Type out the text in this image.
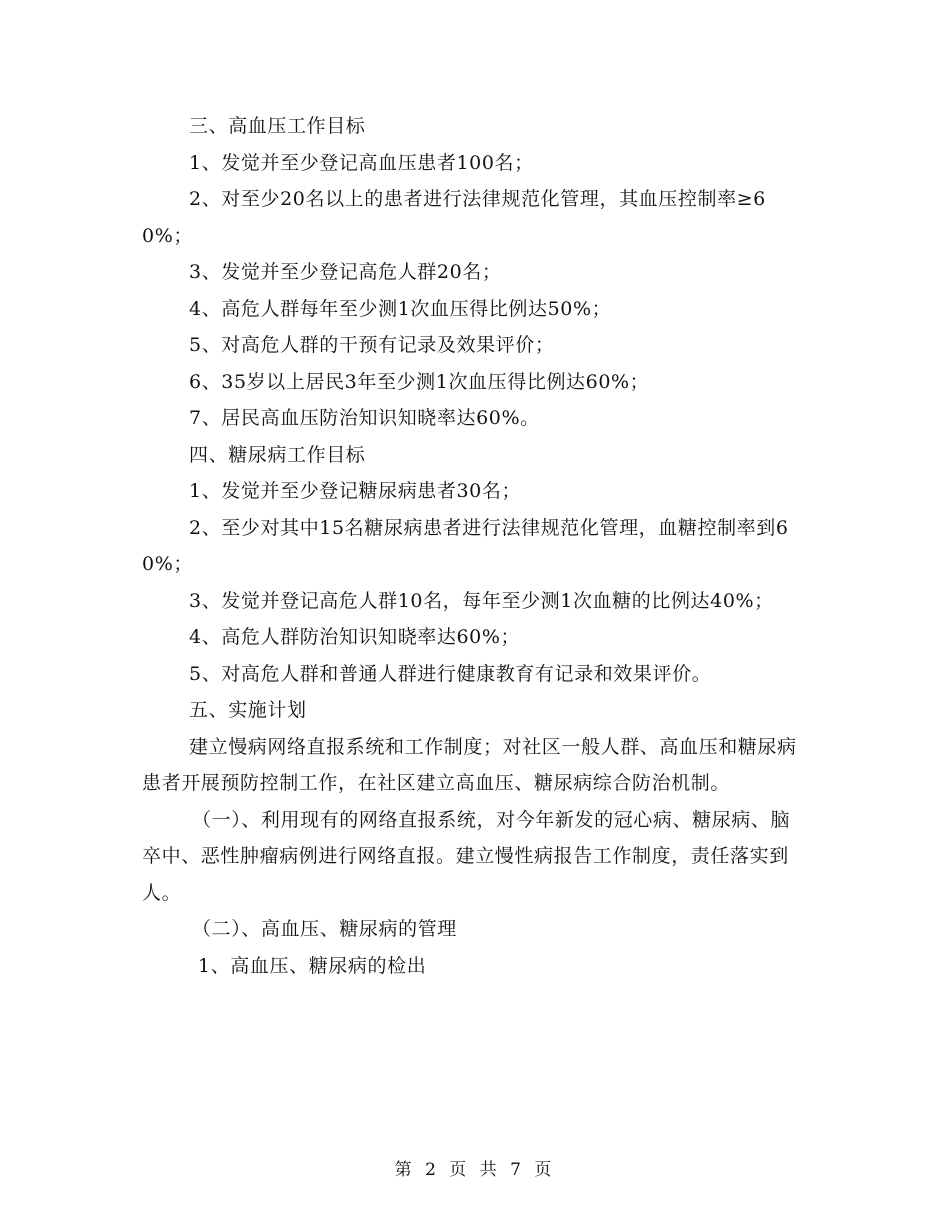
三、高血压工作目标

1、发觉并至少登记高血压患者100名；

2、对至少20名以上的患者进行法律规范化管理，其血压控制率≥60%；

3、发觉并至少登记高危人群20名；

4、高危人群每年至少测1次血压得比例达50%；

5、对高危人群的干预有记录及效果评价；

6、35岁以上居民3年至少测1次血压得比例达60%；

7、居民高血压防治知识知晓率达60%。

四、糖尿病工作目标

1、发觉并至少登记糖尿病患者30名；

2、至少对其中15名糖尿病患者进行法律规范化管理，血糖控制率到60%；

3、发觉并登记高危人群10名，每年至少测1次血糖的比例达40%；

4、高危人群防治知识知晓率达60%；

5、对高危人群和普通人群进行健康教育有记录和效果评价。

五、实施计划

建立慢病网络直报系统和工作制度；对社区一般人群、高血压和糖尿病患者开展预防控制工作，在社区建立高血压、糖尿病综合防治机制。

（一）、利用现有的网络直报系统，对今年新发的冠心病、糖尿病、脑卒中、恶性肿瘤病例进行网络直报。建立慢性病报告工作制度，责任落实到人。

（二）、高血压、糖尿病的管理

1、高血压、糖尿病的检出

第 2 页 共 7 页
